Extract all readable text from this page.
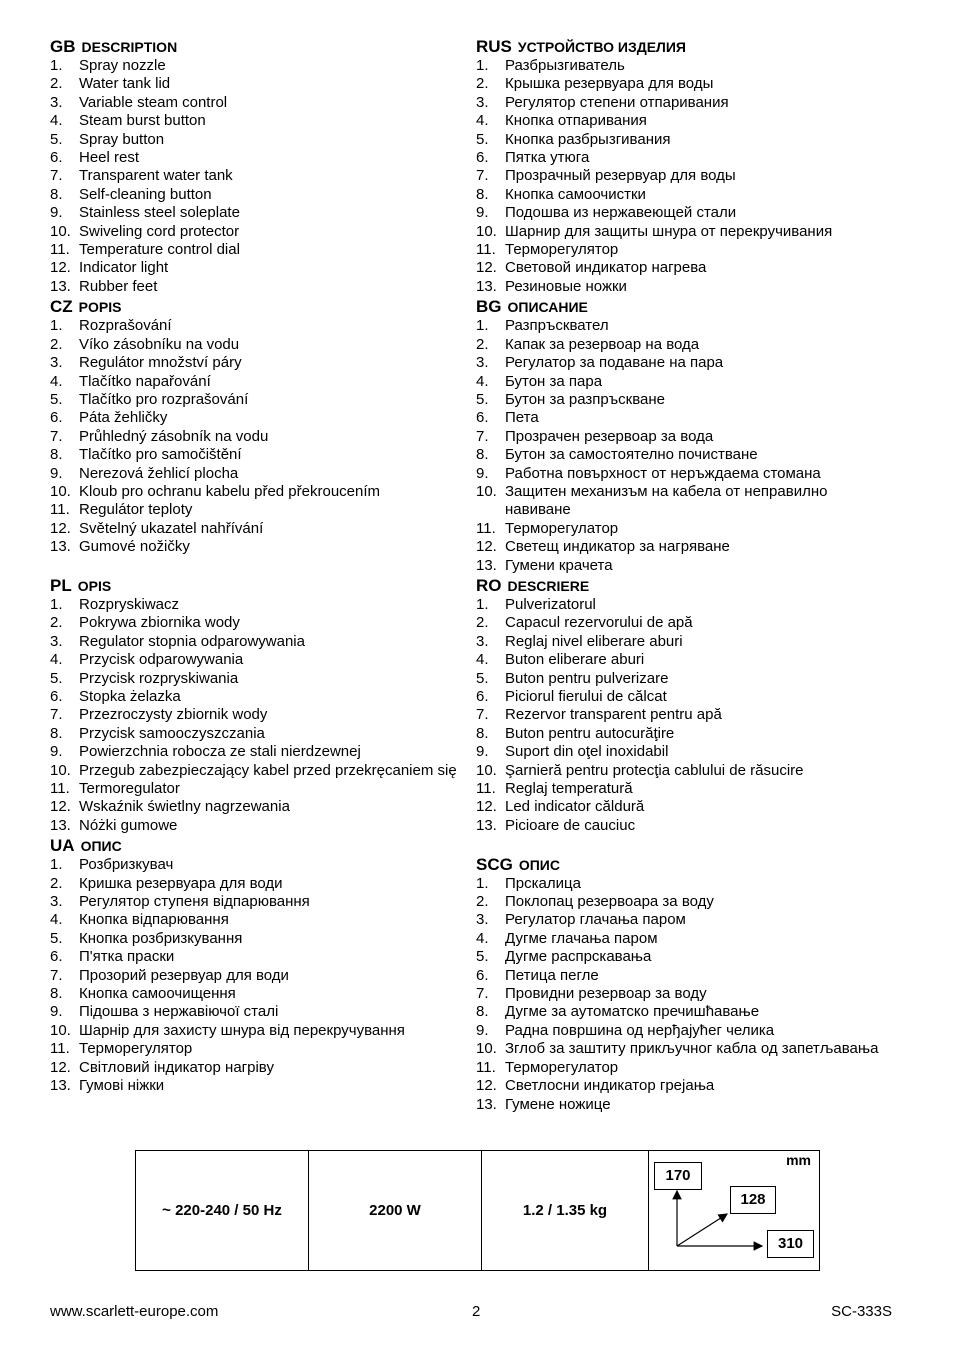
GB DESCRIPTION
1.	Spray nozzle
2.	Water tank lid
3.	Variable steam control
4.	Steam burst button
5.	Spray button
6.	Heel rest
7.	Transparent water tank
8.	Self-cleaning button
9.	Stainless steel soleplate
10. Swiveling cord protector
11. Temperature control dial
12. Indicator light
13. Rubber feet
CZ POPIS
1.	Rozprašování
2.	Víko zásobníku na vodu
3.	Regulátor množství páry
4.	Tlačítko napařování
5.	Tlačítko pro rozprašování
6.	Páta žehličky
7.	Průhledný zásobník na vodu
8.	Tlačítko pro samočištění
9.	Nerezová žehlicí plocha
10. Kloub pro ochranu kabelu před překroucením
11. Regulátor teploty
12. Světelný ukazatel nahřívání
13. Gumové nožičky
PL OPIS
1.	Rozpryskiwacz
2.	Pokrywa zbiornika wody
3.	Regulator stopnia odparowywania
4.	Przycisk odparowywania
5.	Przycisk rozpryskiwania
6.	Stopka żelazka
7.	Przezroczysty zbiornik wody
8.	Przycisk samooczyszczania
9.	Powierzchnia robocza ze stali nierdzewnej
10. Przegub zabezpieczający kabel przed przekręcaniem się
11. Termoregulator
12. Wskaźnik świetlny nagrzewania
13. Nóżki gumowe
UA ОПИС
1.	Розбризкувач
2.	Кришка резервуара для води
3.	Регулятор ступеня відпарювання
4.	Кнопка відпарювання
5.	Кнопка розбризкування
6.	П'ятка праски
7.	Прозорий резервуар для води
8.	Кнопка самоочищення
9.	Підошва з нержавіючої сталі
10. Шарнір для захисту шнура від перекручування
11. Терморегулятор
12. Світловий індикатор нагріву
13. Гумові ніжки
RUS УСТРОЙСТВО ИЗДЕЛИЯ
1.	Разбрызгиватель
2.	Крышка резервуара для воды
3.	Регулятор степени отпаривания
4.	Кнопка отпаривания
5.	Кнопка разбрызгивания
6.	Пятка утюга
7.	Прозрачный резервуар для воды
8.	Кнопка самоочистки
9.	Подошва из нержавеющей стали
10. Шарнир для защиты шнура от перекручивания
11. Терморегулятор
12. Световой индикатор нагрева
13. Резиновые ножки
BG ОПИСАНИЕ
1.	Разпръсквател
2.	Капак за резервоар на вода
3.	Регулатор за подаване на пара
4.	Бутон за пара
5.	Бутон за разпръскване
6.	Пета
7.	Прозрачен резервоар за вода
8.	Бутон за самостоятелно почистване
9.	Работна повърхност от неръждаема стомана
10. Защитен механизъм на кабела от неправилно навиване
11. Терморегулатор
12. Светещ индикатор за нагряване
13. Гумени крачета
RO DESCRIERE
1.	Pulverizatorul
2.	Capacul rezervorului de apă
3.	Reglaj nivel eliberare aburi
4.	Buton eliberare aburi
5.	Buton pentru pulverizare
6.	Piciorul fierului de călcat
7.	Rezervor transparent pentru apă
8.	Buton pentru autocurăţire
9.	Suport din oţel inoxidabil
10. Şarnieră pentru protecţia cablului de răsucire
11. Reglaj temperatură
12. Led indicator căldură
13. Picioare de cauciuc
SCG ОПИС
1.	Прскалица
2.	Поклопац резервоара за воду
3.	Регулатор глачања паром
4.	Дугме глачања паром
5.	Дугме распрскавања
6.	Петица пегле
7.	Провидни резервоар за воду
8.	Дугме за аутоматско пречишћавање
9.	Радна површина од нерђајућег челика
10. Зглоб за заштиту прикључног кабла од запетљавања
11. Терморегулатор
12. Светлосни индикатор грејања
13. Гумене ножице
~ 220-240 / 50 Hz	2200 W	1.2 / 1.35 kg	
mm
170
128
310
www.scarlett-europe.com	2	SC-333S
